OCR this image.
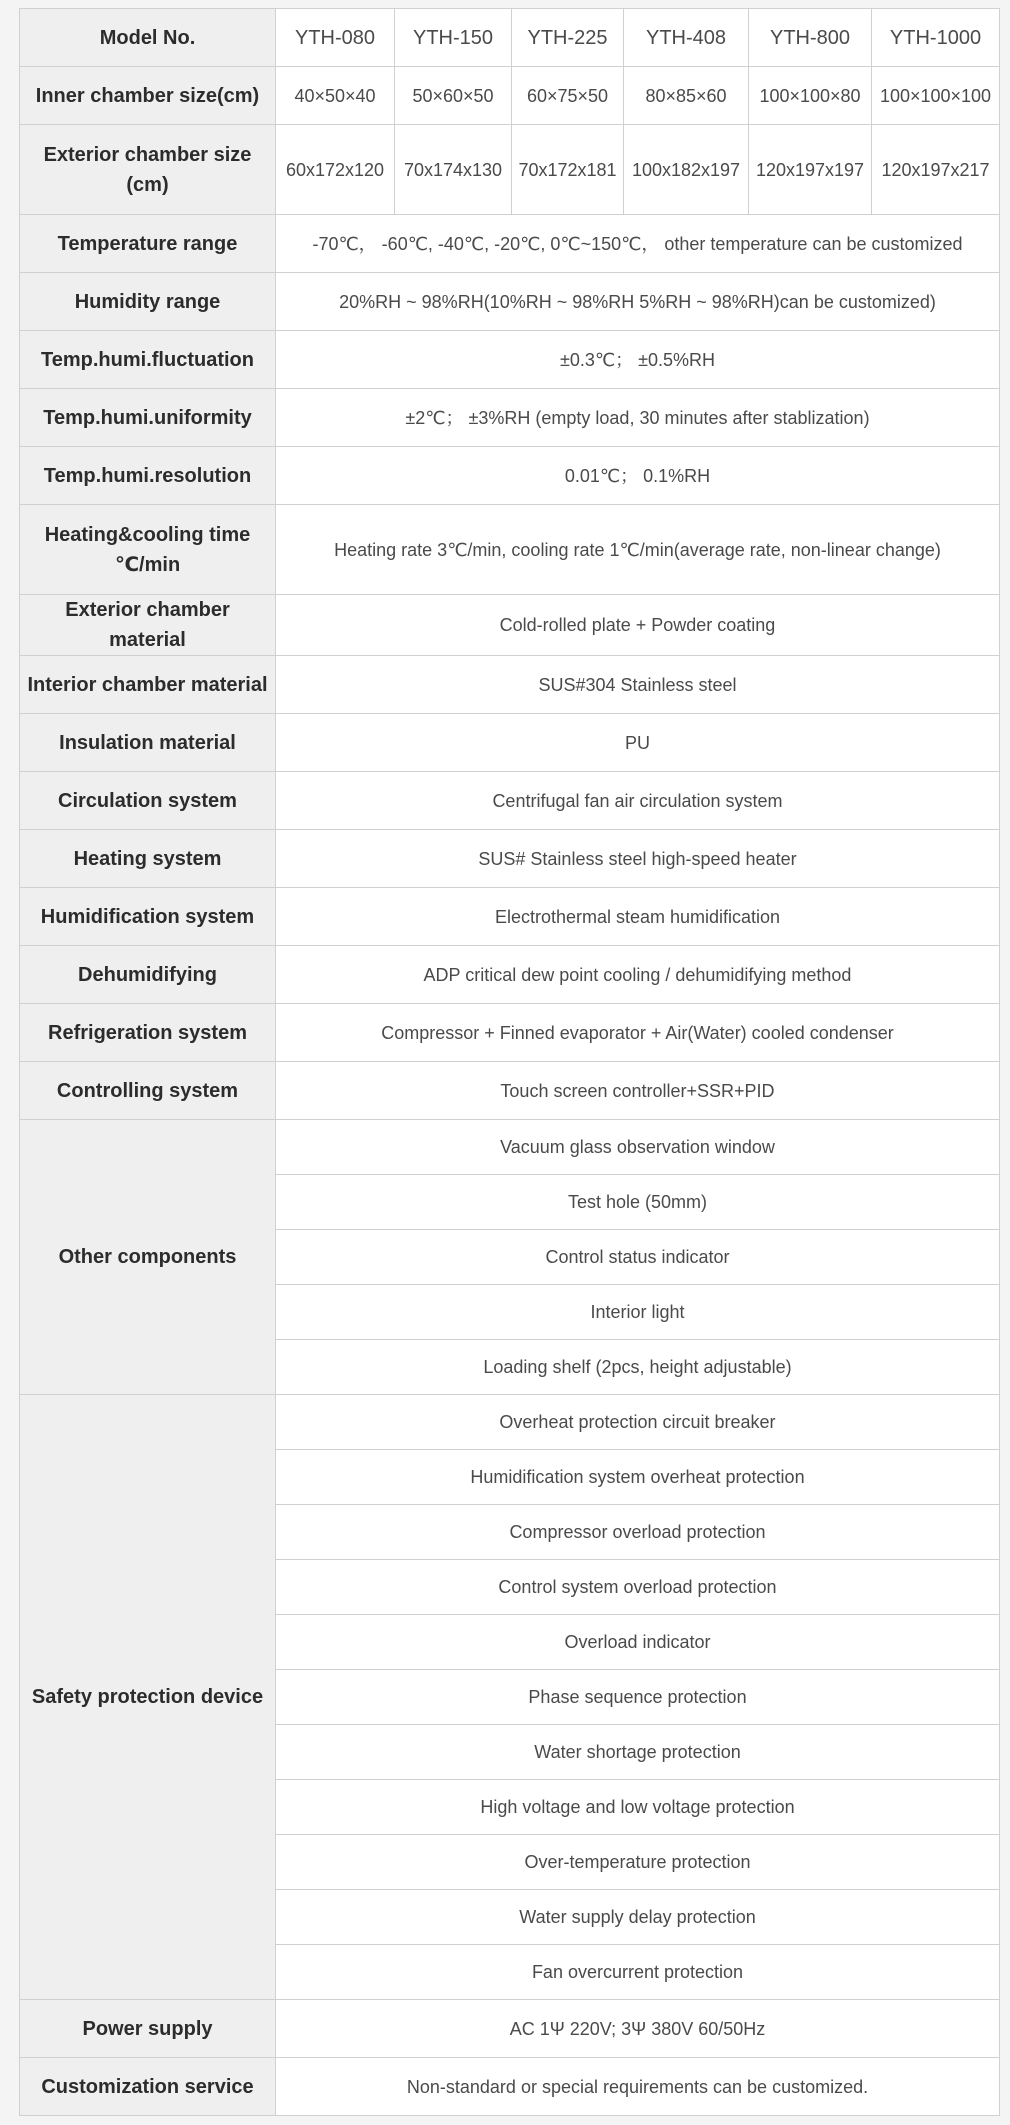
Model No.	YTH-080	YTH-150	YTH-225	YTH-408	YTH-800	YTH-1000
Inner chamber size(cm)	40×50×40	50×60×50	60×75×50	80×85×60	100×100×80	100×100×100
Exterior chamber size (cm)	60x172x120	70x174x130	70x172x181	100x182x197	120x197x197	120x197x217
Temperature range	-70℃， -60℃, -40℃, -20℃, 0℃~150℃， other temperature can be customized					
Humidity range	20%RH ~ 98%RH(10%RH ~ 98%RH 5%RH ~ 98%RH)can be customized)					
Temp.humi.fluctuation	±0.3℃； ±0.5%RH					
Temp.humi.uniformity	±2℃； ±3%RH (empty load, 30 minutes after stablization)					
Temp.humi.resolution	0.01℃； 0.1%RH					
Heating&cooling time ℃/min	Heating rate 3℃/min, cooling rate 1℃/min(average rate, non-linear change)					
Exterior chamber material	Cold-rolled plate + Powder coating					
Interior chamber material	SUS#304 Stainless steel					
Insulation material	PU					
Circulation system	Centrifugal fan air circulation system					
Heating system	SUS# Stainless steel high-speed heater					
Humidification system	Electrothermal steam humidification					
Dehumidifying	ADP critical dew point cooling / dehumidifying method					
Refrigeration system	Compressor + Finned evaporator + Air(Water) cooled condenser					
Controlling system	Touch screen controller+SSR+PID					
Other components	Vacuum glass observation window					
	Test hole (50mm)					
	Control status indicator					
	Interior light					
	Loading shelf (2pcs, height adjustable)					
Safety protection device	Overheat protection circuit breaker					
	Humidification system overheat protection					
	Compressor overload protection					
	Control system overload protection					
	Overload indicator					
	Phase sequence protection					
	Water shortage protection					
	High voltage and low voltage protection					
	Over-temperature protection					
	Water supply delay protection					
	Fan overcurrent protection					
Power supply	AC 1Ψ 220V; 3Ψ 380V 60/50Hz					
Customization service	Non-standard or special requirements can be customized.					
